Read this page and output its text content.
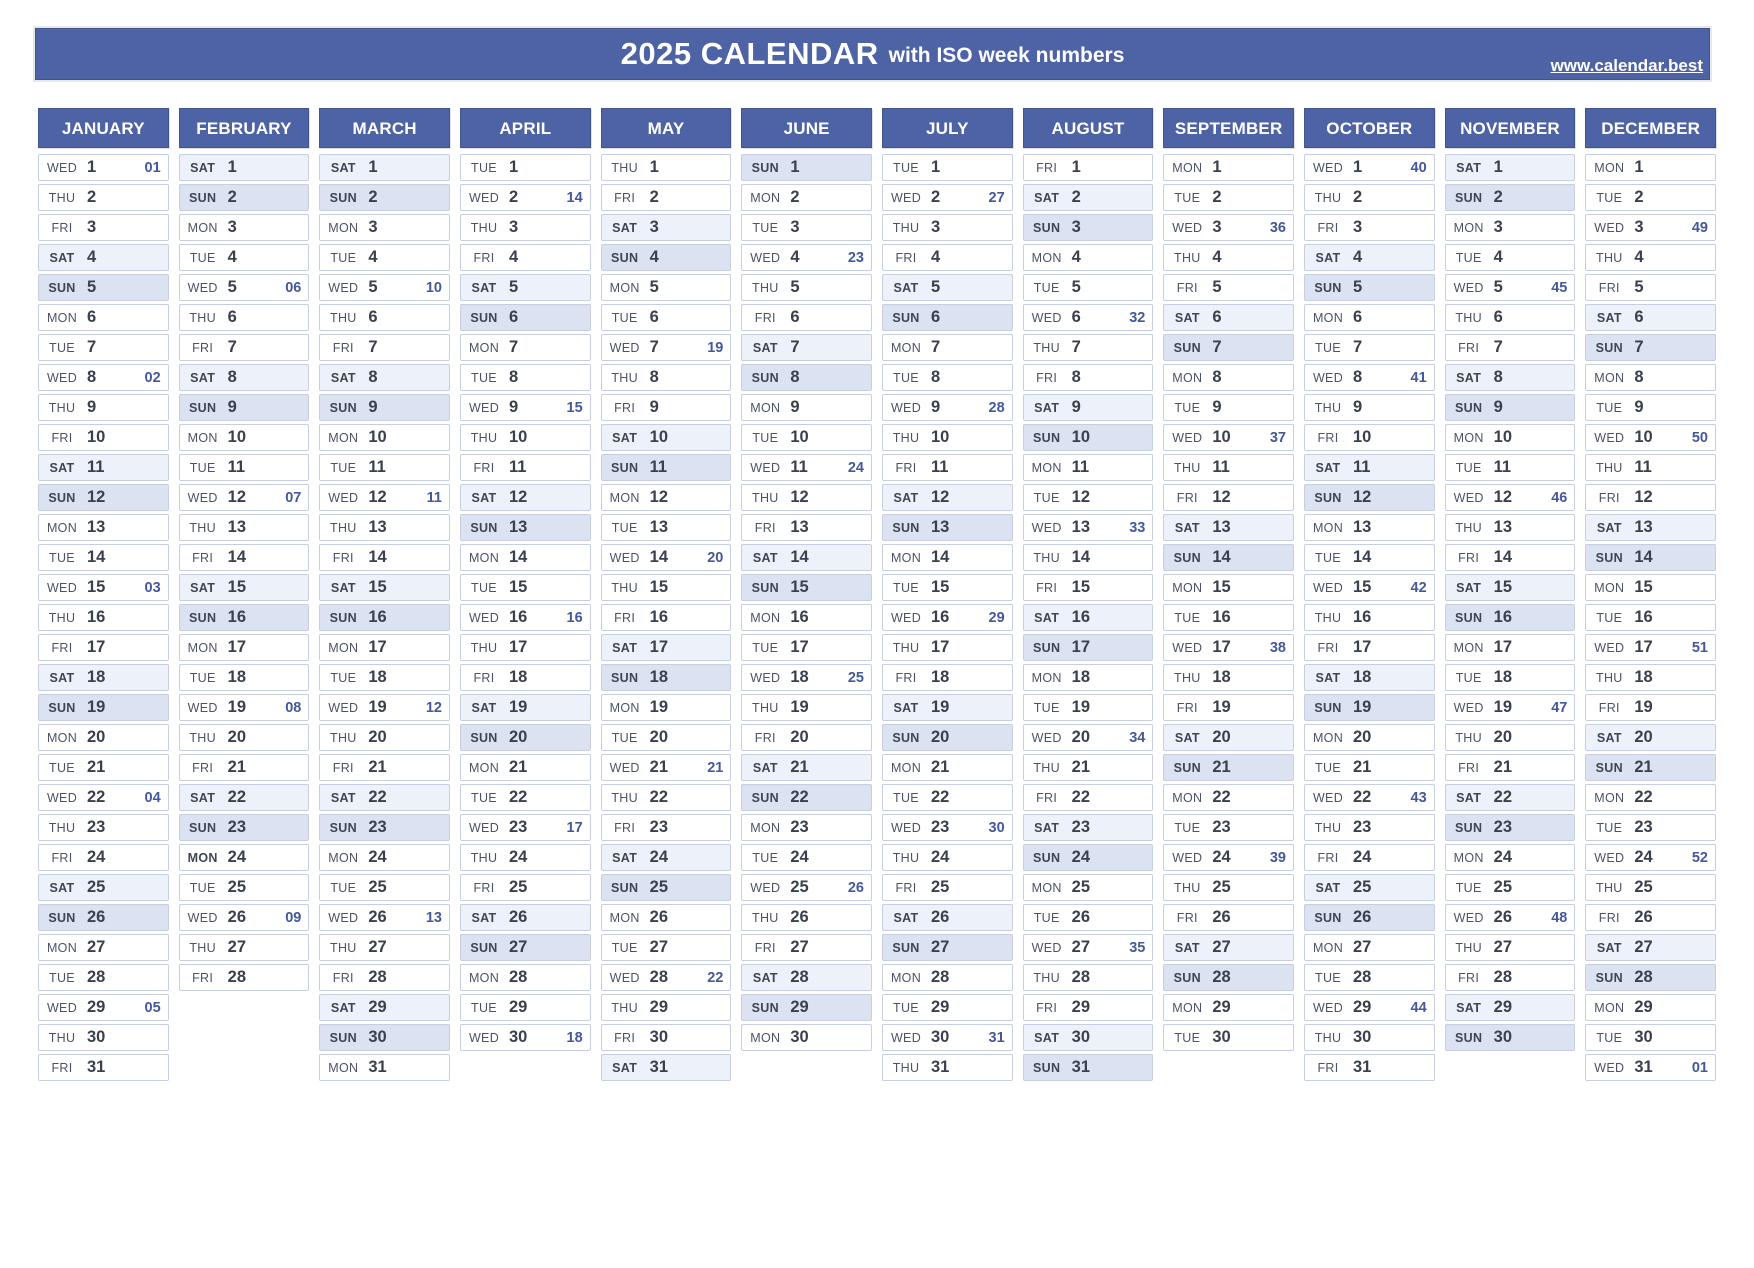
2025 CALENDAR with ISO week numbers	www.calendar.best
JANUARY
WED 1	01
THU 2
FRI 3
SAT 4
SUN 5
MON 6
TUE 7
WED 8	02
THU 9
FRI 10
SAT 11
SUN 12
MON 13
TUE 14
WED 15	03
THU 16
FRI 17
SAT 18
SUN 19
MON 20
TUE 21
WED 22	04
THU 23
FRI 24
SAT 25
SUN 26
MON 27
TUE 28
WED 29	05
THU 30
FRI 31
FEBRUARY
SAT 1
SUN 2
MON 3
TUE 4
WED 5	06
THU 6
FRI 7
SAT 8
SUN 9
MON 10
TUE 11
WED 12	07
THU 13
FRI 14
SAT 15
SUN 16
MON 17
TUE 18
WED 19	08
THU 20
FRI 21
SAT 22
SUN 23
MON 24
TUE 25
WED 26	09
THU 27
FRI 28
MARCH
SAT 1
SUN 2
MON 3
TUE 4
WED 5	10
THU 6
FRI 7
SAT 8
SUN 9
MON 10
TUE 11
WED 12	11
THU 13
FRI 14
SAT 15
SUN 16
MON 17
TUE 18
WED 19	12
THU 20
FRI 21
SAT 22
SUN 23
MON 24
TUE 25
WED 26	13
THU 27
FRI 28
SAT 29
SUN 30
MON 31
APRIL
TUE 1
WED 2	14
THU 3
FRI 4
SAT 5
SUN 6
MON 7
TUE 8
WED 9	15
THU 10
FRI 11
SAT 12
SUN 13
MON 14
TUE 15
WED 16	16
THU 17
FRI 18
SAT 19
SUN 20
MON 21
TUE 22
WED 23	17
THU 24
FRI 25
SAT 26
SUN 27
MON 28
TUE 29
WED 30	18
MAY
THU 1
FRI 2
SAT 3
SUN 4
MON 5
TUE 6
WED 7	19
THU 8
FRI 9
SAT 10
SUN 11
MON 12
TUE 13
WED 14	20
THU 15
FRI 16
SAT 17
SUN 18
MON 19
TUE 20
WED 21	21
THU 22
FRI 23
SAT 24
SUN 25
MON 26
TUE 27
WED 28	22
THU 29
FRI 30
SAT 31
JUNE
SUN 1
MON 2
TUE 3
WED 4	23
THU 5
FRI 6
SAT 7
SUN 8
MON 9
TUE 10
WED 11	24
THU 12
FRI 13
SAT 14
SUN 15
MON 16
TUE 17
WED 18	25
THU 19
FRI 20
SAT 21
SUN 22
MON 23
TUE 24
WED 25	26
THU 26
FRI 27
SAT 28
SUN 29
MON 30
JULY
TUE 1
WED 2	27
THU 3
FRI 4
SAT 5
SUN 6
MON 7
TUE 8
WED 9	28
THU 10
FRI 11
SAT 12
SUN 13
MON 14
TUE 15
WED 16	29
THU 17
FRI 18
SAT 19
SUN 20
MON 21
TUE 22
WED 23	30
THU 24
FRI 25
SAT 26
SUN 27
MON 28
TUE 29
WED 30	31
THU 31
AUGUST
FRI 1
SAT 2
SUN 3
MON 4
TUE 5
WED 6	32
THU 7
FRI 8
SAT 9
SUN 10
MON 11
TUE 12
WED 13	33
THU 14
FRI 15
SAT 16
SUN 17
MON 18
TUE 19
WED 20	34
THU 21
FRI 22
SAT 23
SUN 24
MON 25
TUE 26
WED 27	35
THU 28
FRI 29
SAT 30
SUN 31
SEPTEMBER
MON 1
TUE 2
WED 3	36
THU 4
FRI 5
SAT 6
SUN 7
MON 8
TUE 9
WED 10	37
THU 11
FRI 12
SAT 13
SUN 14
MON 15
TUE 16
WED 17	38
THU 18
FRI 19
SAT 20
SUN 21
MON 22
TUE 23
WED 24	39
THU 25
FRI 26
SAT 27
SUN 28
MON 29
TUE 30
OCTOBER
WED 1	40
THU 2
FRI 3
SAT 4
SUN 5
MON 6
TUE 7
WED 8	41
THU 9
FRI 10
SAT 11
SUN 12
MON 13
TUE 14
WED 15	42
THU 16
FRI 17
SAT 18
SUN 19
MON 20
TUE 21
WED 22	43
THU 23
FRI 24
SAT 25
SUN 26
MON 27
TUE 28
WED 29	44
THU 30
FRI 31
NOVEMBER
SAT 1
SUN 2
MON 3
TUE 4
WED 5	45
THU 6
FRI 7
SAT 8
SUN 9
MON 10
TUE 11
WED 12	46
THU 13
FRI 14
SAT 15
SUN 16
MON 17
TUE 18
WED 19	47
THU 20
FRI 21
SAT 22
SUN 23
MON 24
TUE 25
WED 26	48
THU 27
FRI 28
SAT 29
SUN 30
DECEMBER
MON 1
TUE 2
WED 3	49
THU 4
FRI 5
SAT 6
SUN 7
MON 8
TUE 9
WED 10	50
THU 11
FRI 12
SAT 13
SUN 14
MON 15
TUE 16
WED 17	51
THU 18
FRI 19
SAT 20
SUN 21
MON 22
TUE 23
WED 24	52
THU 25
FRI 26
SAT 27
SUN 28
MON 29
TUE 30
WED 31	01
